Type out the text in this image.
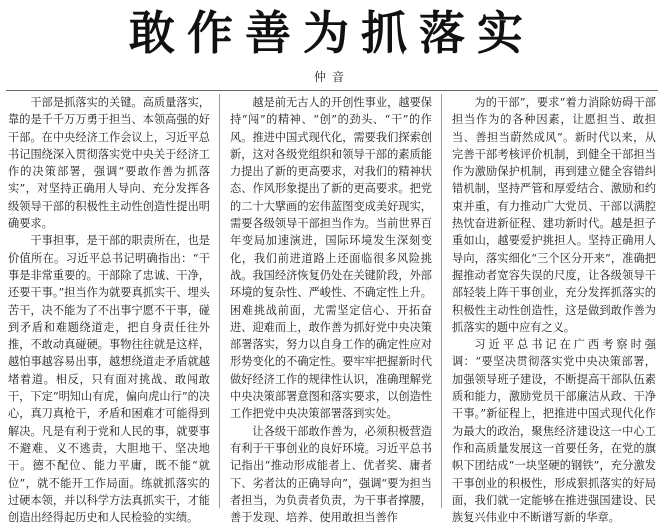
敢作善为抓落实
仲音

干部是抓落实的关键。高质量落实，靠的是千千万万勇于担当、本领高强的好干部。在中央经济工作会议上，习近平总书记围绕深入贯彻落实党中央关于经济工作的决策部署，强调“要敢作善为抓落实”，对坚持正确用人导向、充分发挥各级领导干部的积极性主动性创造性提出明确要求。

干事担事，是干部的职责所在，也是价值所在。习近平总书记明确指出：“干事是非常重要的。干部除了忠诚、干净，还要干事。”担当作为就要真抓实干、埋头苦干，决不能为了不出事宁愿不干事，碰到矛盾和难题绕道走，把自身责任往外推，不敢动真碰硬。事物往往就是这样，越怕事越容易出事，越想绕道走矛盾就越堵着道。相反，只有面对挑战、敢闯敢干，下定“明知山有虎，偏向虎山行”的决心，真刀真枪干，矛盾和困难才可能得到解决。凡是有利于党和人民的事，就要事不避难、义不逃责，大胆地干、坚决地干。德不配位、能力平庸，既不能“就位”，就不能开工作局面。练就抓落实的过硬本领，并以科学方法真抓实干，才能创造出经得起历史和人民检验的实绩。

越是前无古人的开创性事业，越要保持“闯”的精神、“创”的劲头、“干”的作风。推进中国式现代化，需要我们探索创新，这对各级党组织和领导干部的素质能力提出了新的更高要求，对我们的精神状态、作风形象提出了新的更高要求。把党的二十大擘画的宏伟蓝图变成美好现实，需要各级领导干部担当作为。当前世界百年变局加速演进，国际环境发生深刻变化，我们前进道路上还面临很多风险挑战。我国经济恢复仍处在关键阶段，外部环境的复杂性、严峻性、不确定性上升。困难挑战前面，尤需坚定信心、开拓奋进、迎难而上，敢作善为抓好党中央决策部署落实，努力以自身工作的确定性应对形势变化的不确定性。要牢牢把握新时代做好经济工作的规律性认识，准确理解党中央决策部署意图和落实要求，以创造性工作把党中央决策部署落到实处。

让各级干部敢作善为，必须积极营造有利于干事创业的良好环境。习近平总书记指出“推动形成能者上、优者奖、庸者下、劣者汰的正确导向”，强调“要为担当者担当，为负责者负责，为干事者撑腰，善于发现、培养、使用敢担当善作

为的干部”，要求“着力消除妨碍干部担当作为的各种因素，让愿担当、敢担当、善担当蔚然成风”。新时代以来，从完善干部考核评价机制，到健全干部担当作为激励保护机制，再到建立健全容错纠错机制，坚持严管和厚爱结合、激励和约束并重，有力推动广大党员、干部以满腔热忱奋进新征程、建功新时代。越是担子重如山，越要爱护挑担人。坚持正确用人导向，落实细化“三个区分开来”，准确把握推动者宽容失误的尺度，让各级领导干部轻装上阵干事创业，充分发挥抓落实的积极性主动性创造性，这是做到敢作善为抓落实的题中应有之义。

习近平总书记在广西考察时强调：“要坚决贯彻落实党中央决策部署，加强领导班子建设，不断提高干部队伍素质和能力，激励党员干部廉洁从政、干净干事。”新征程上，把推进中国式现代化作为最大的政治，聚焦经济建设这一中心工作和高质量发展这一首要任务，在党的旗帜下团结成“一块坚硬的钢铁”，充分激发干事创业的积极性，形成狠抓落实的好局面，我们就一定能够在推进强国建设、民族复兴伟业中不断谱写新的华章。
